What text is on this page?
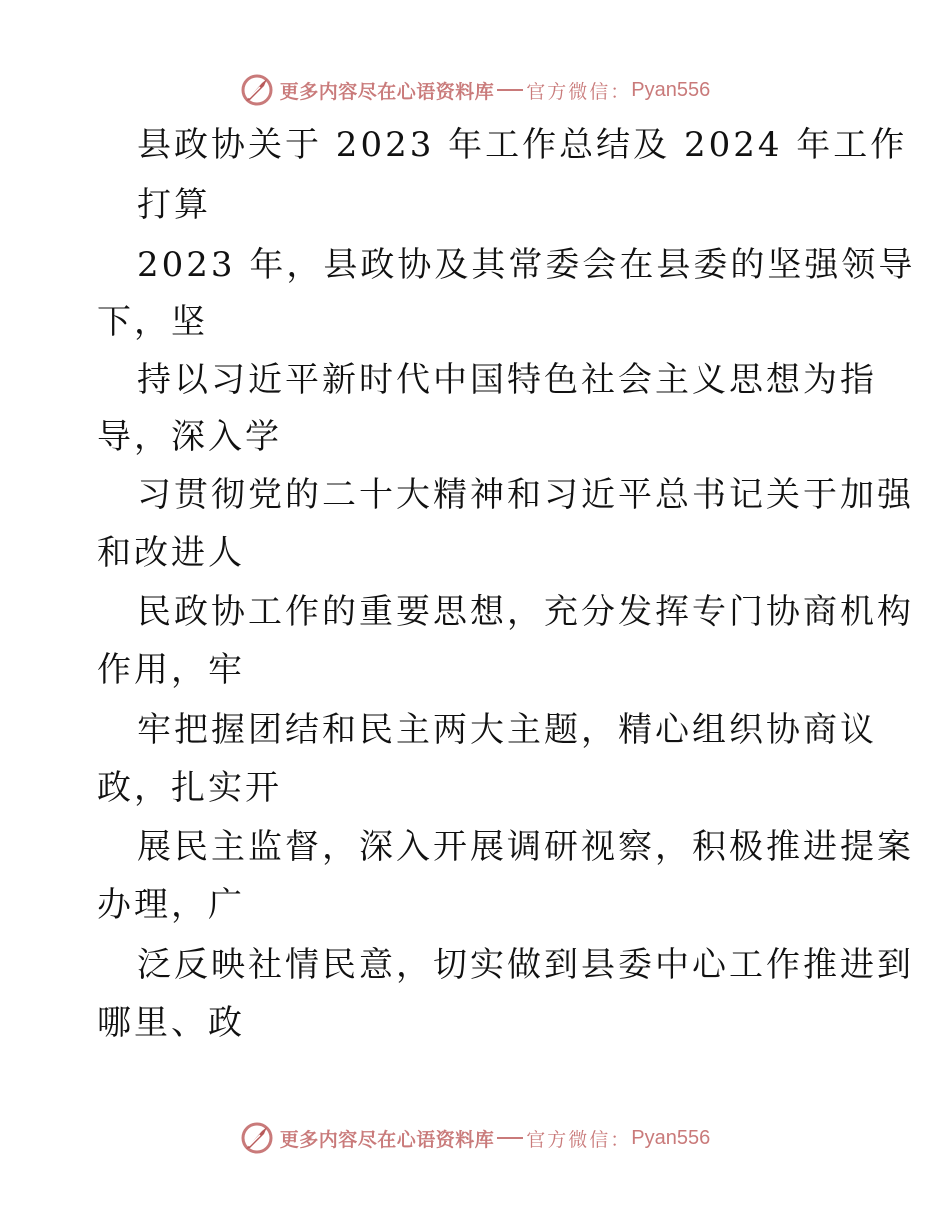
更多内容尽在心语资料库 官方微信： Pyan556
县政协关于 2023 年工作总结及 2024 年工作
打算
2023 年，县政协及其常委会在县委的坚强领导
下，坚
持以习近平新时代中国特色社会主义思想为指
导，深入学
习贯彻党的二十大精神和习近平总书记关于加强
和改进人
民政协工作的重要思想，充分发挥专门协商机构
作用，牢
牢把握团结和民主两大主题，精心组织协商议
政，扎实开
展民主监督，深入开展调研视察，积极推进提案
办理，广
泛反映社情民意，切实做到县委中心工作推进到
哪里、政
更多内容尽在心语资料库 官方微信： Pyan556
